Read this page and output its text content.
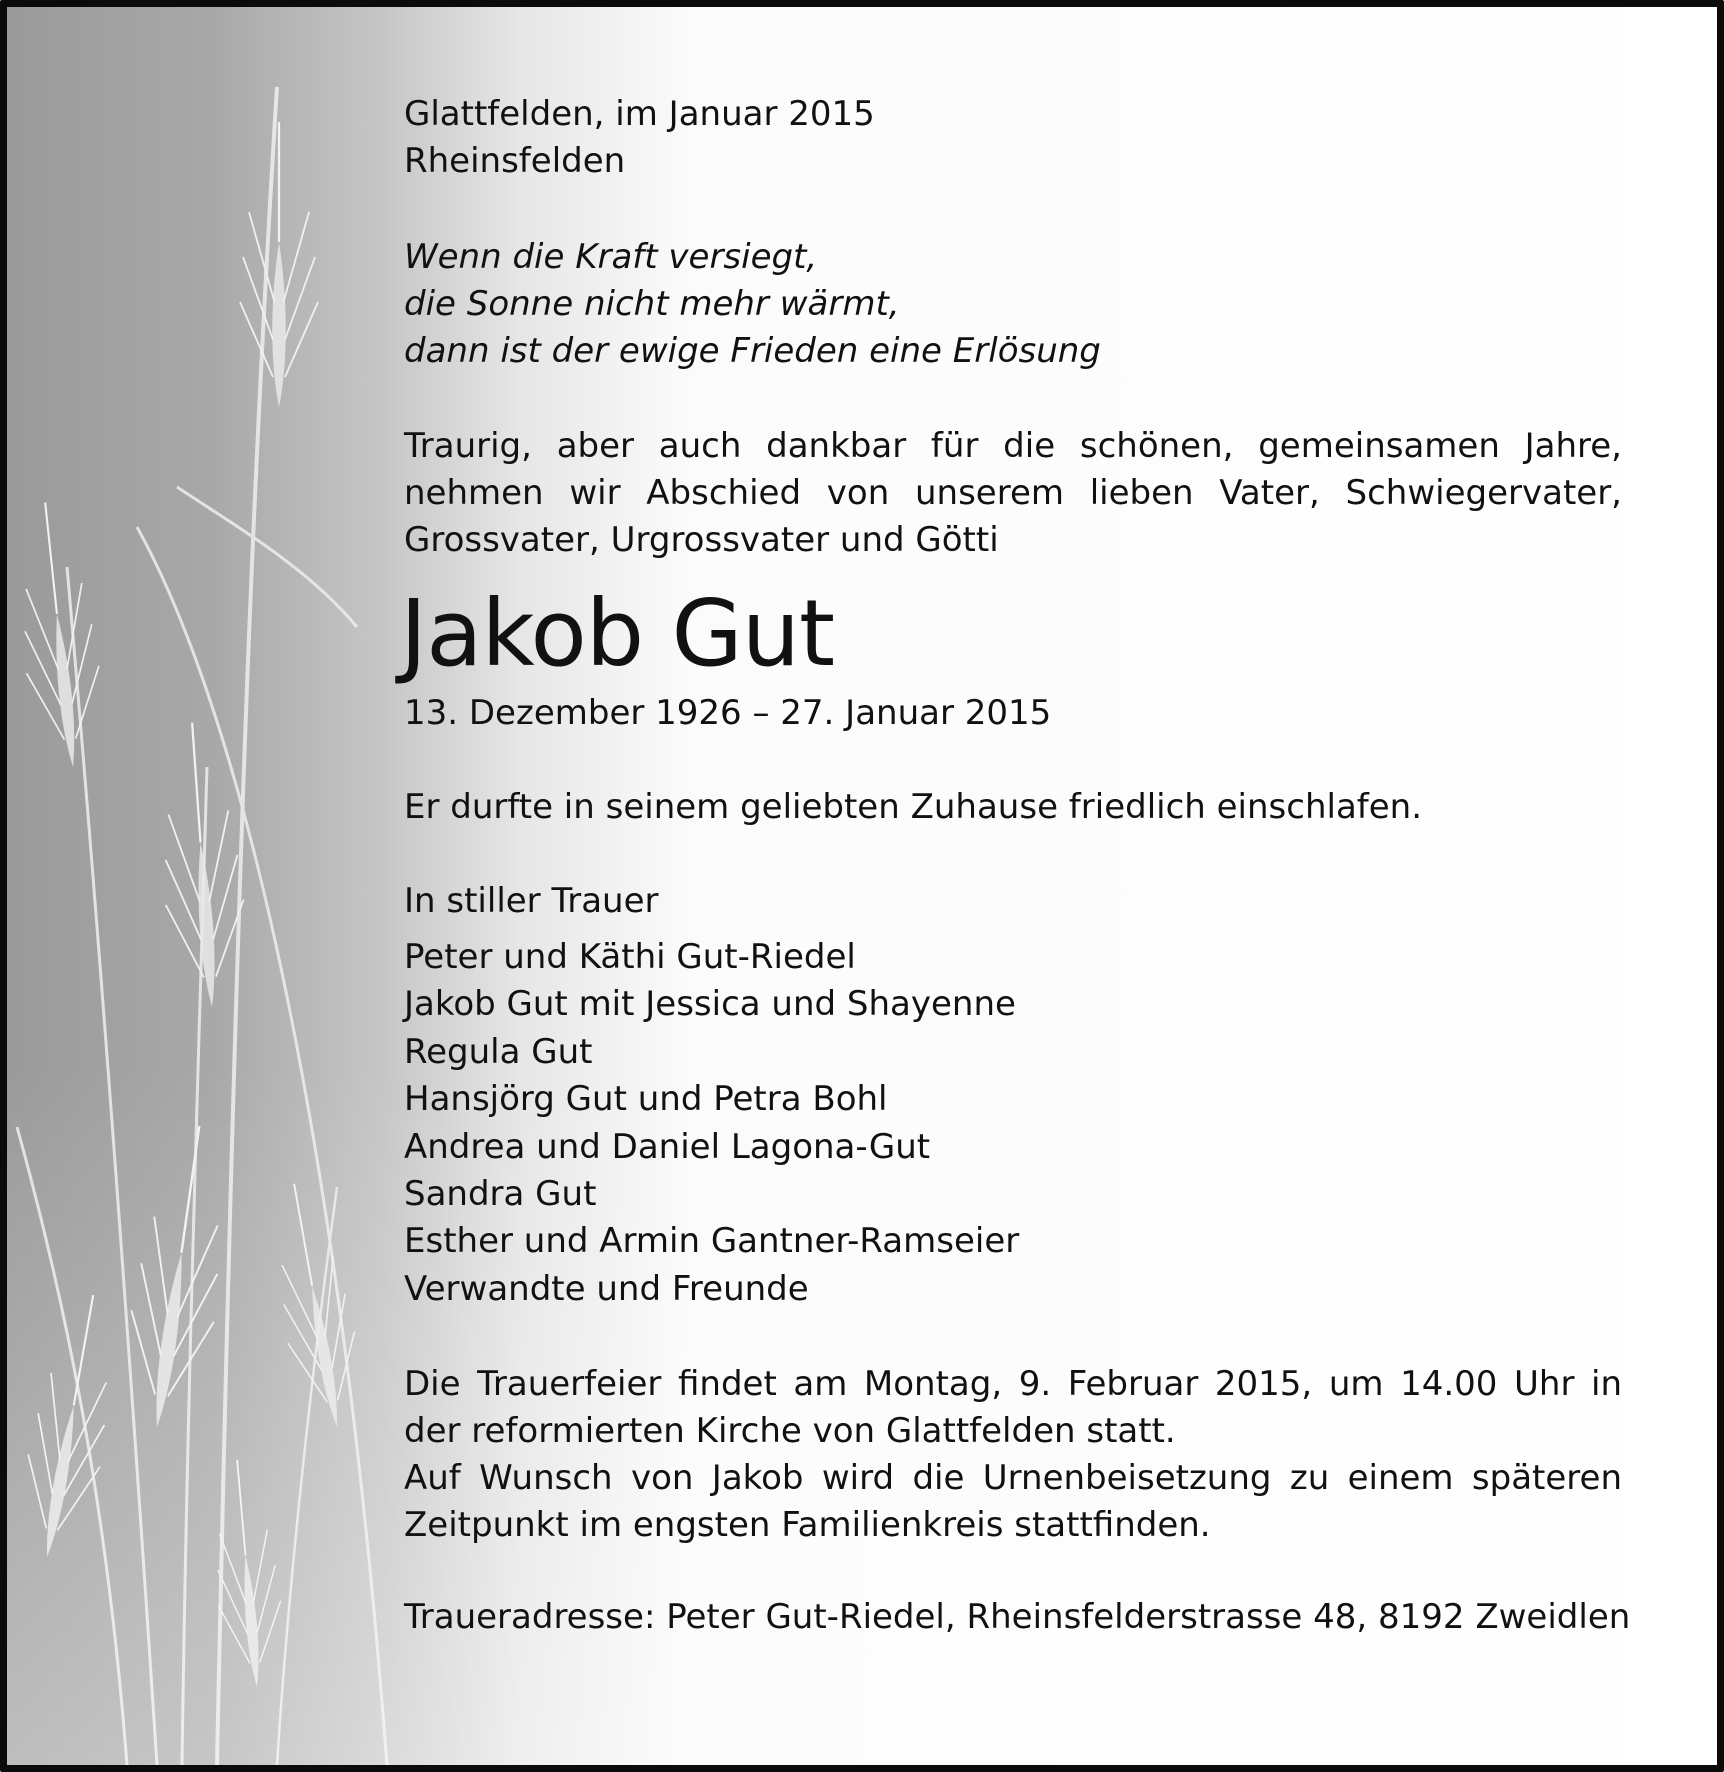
Glattfelden, im Januar 2015
Rheinsfelden
Wenn die Kraft versiegt,
die Sonne nicht mehr wärmt,
dann ist der ewige Frieden eine Erlösung
Traurig, aber auch dankbar für die schönen, gemeinsamen Jahre, nehmen wir Abschied von unserem lieben Vater, Schwiegervater, Grossvater, Urgrossvater und Götti
Jakob Gut
13. Dezember 1926 – 27. Januar 2015
Er durfte in seinem geliebten Zuhause friedlich einschlafen.
In stiller Trauer
Peter und Käthi Gut-Riedel
Jakob Gut mit Jessica und Shayenne
Regula Gut
Hansjörg Gut und Petra Bohl
Andrea und Daniel Lagona-Gut
Sandra Gut
Esther und Armin Gantner-Ramseier
Verwandte und Freunde
Die Trauerfeier findet am Montag, 9. Februar 2015, um 14.00 Uhr in der reformierten Kirche von Glattfelden statt.
Auf Wunsch von Jakob wird die Urnenbeisetzung zu einem späteren Zeitpunkt im engsten Familienkreis stattfinden.
Traueradresse: Peter Gut-Riedel, Rheinsfelderstrasse 48, 8192 Zweidlen
